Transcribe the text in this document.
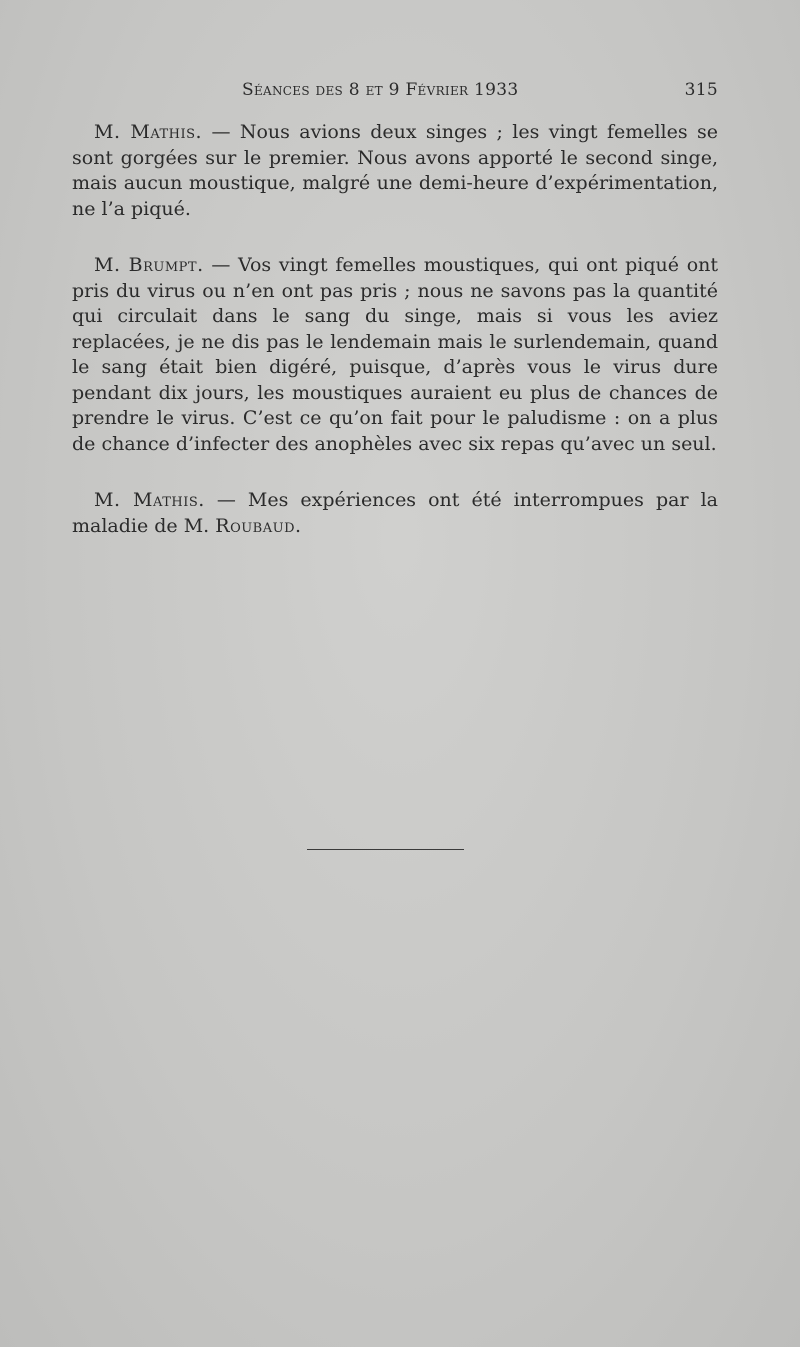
Séances des 8 et 9 Février 1933	315

M. Mathis. — Nous avions deux singes ; les vingt femelles se sont gorgées sur le premier. Nous avons apporté le second singe, mais aucun moustique, malgré une demi-heure d’expérimentation, ne l’a piqué.

M. Brumpt. — Vos vingt femelles moustiques, qui ont piqué ont pris du virus ou n’en ont pas pris ; nous ne savons pas la quantité qui circulait dans le sang du singe, mais si vous les aviez replacées, je ne dis pas le lendemain mais le surlendemain, quand le sang était bien digéré, puisque, d’après vous le virus dure pendant dix jours, les moustiques auraient eu plus de chances de prendre le virus. C’est ce qu’on fait pour le paludisme : on a plus de chance d’infecter des anophèles avec six repas qu’avec un seul.

M. Mathis. — Mes expériences ont été interrompues par la maladie de M. Roubaud.
